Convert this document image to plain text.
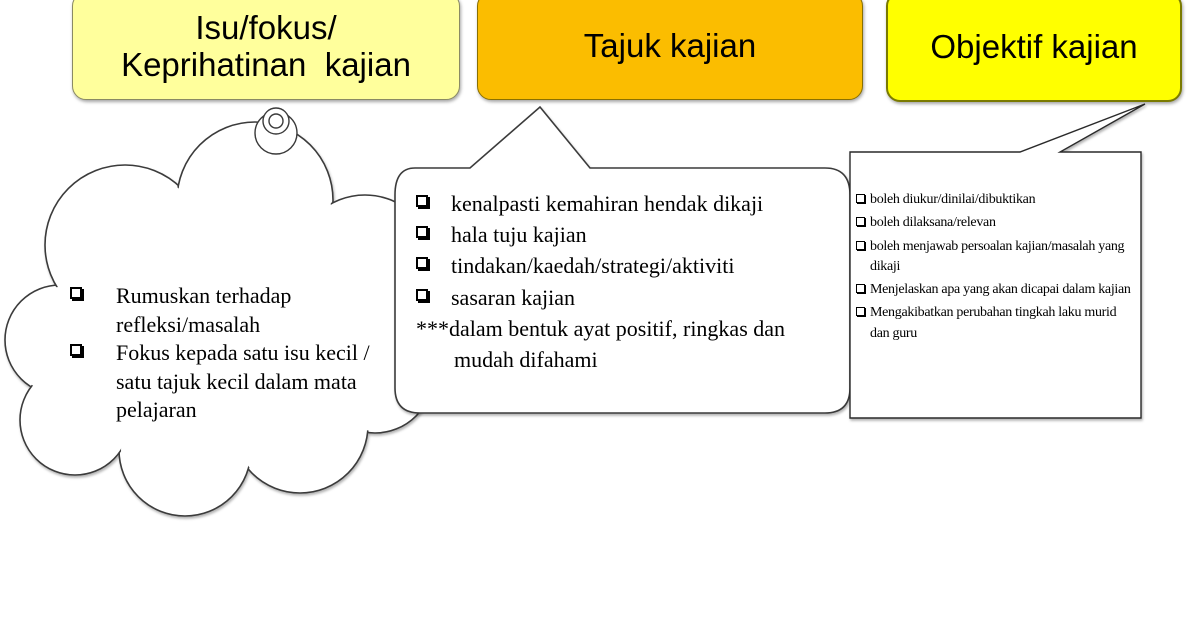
Isu/fokus/
Keprihatinan  kajian
Tajuk kajian	Objektif kajian
Rumuskan terhadap refleksi/masalah
Fokus kepada satu isu kecil / satu tajuk kecil dalam mata pelajaran
kenalpasti kemahiran hendak dikaji
hala tuju kajian
tindakan/kaedah/strategi/aktiviti
sasaran kajian
***dalam bentuk ayat positif, ringkas dan mudah difahami
boleh diukur/dinilai/dibuktikan
boleh dilaksana/relevan
boleh menjawab persoalan kajian/masalah yang dikaji
Menjelaskan apa yang akan dicapai dalam kajian
Mengakibatkan perubahan tingkah laku murid dan guru
